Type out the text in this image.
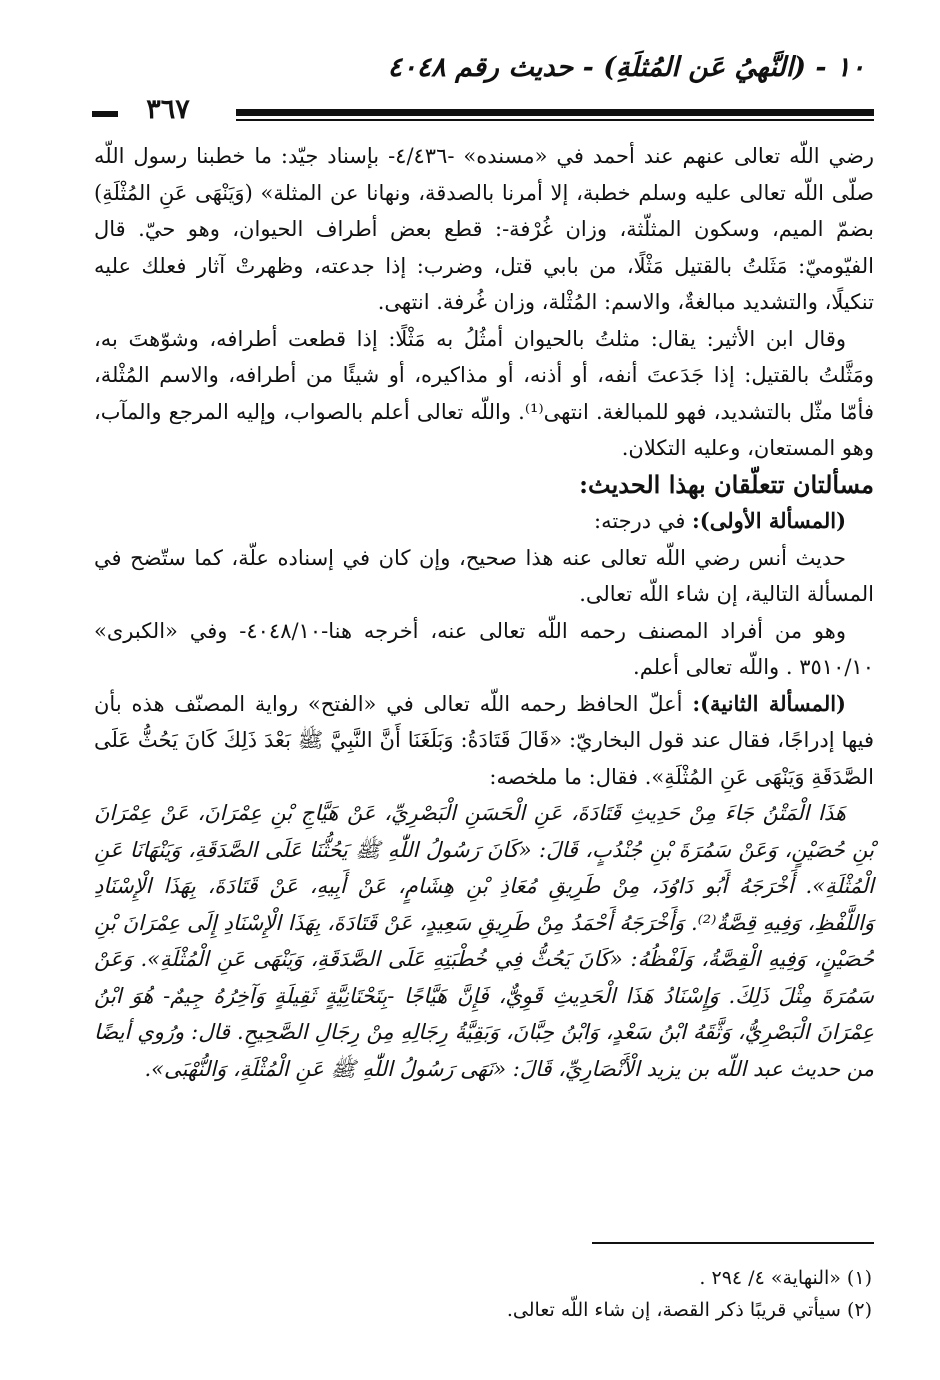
١٠ - (النَّهيُ عَن المُثلَةِ) - حديث رقم ٤٠٤٨
٣٦٧

رضي اللّه تعالى عنهم عند أحمد في «مسنده» -٤/٤٣٦- بإسناد جيّد: ما خطبنا رسول اللّه صلّى اللّه تعالى عليه وسلم خطبة، إلا أمرنا بالصدقة، ونهانا عن المثلة» (وَيَنْهَى عَنِ المُثْلَةِ) بضمّ الميم، وسكون المثلّثة، وزان غُرْفة-: قطع بعض أطراف الحيوان، وهو حيّ. قال الفيّوميّ: مَثَلتُ بالقتيل مَثْلًا، من بابي قتل، وضرب: إذا جدعته، وظهرتْ آثار فعلك عليه تنكيلًا، والتشديد مبالغةٌ، والاسم: المُثْلة، وزان غُرفة. انتهى.

وقال ابن الأثير: يقال: مثلتُ بالحيوان أمثُلُ به مَثْلًا: إذا قطعت أطرافه، وشوّهتَ به، ومَثَّلتُ بالقتيل: إذا جَدَعتَ أنفه، أو أذنه، أو مذاكيره، أو شيئًا من أطرافه، والاسم المُثْلة، فأمّا مثّل بالتشديد، فهو للمبالغة. انتهى⁽¹⁾. واللّه تعالى أعلم بالصواب، وإليه المرجع والمآب، وهو المستعان، وعليه التكلان.

مسألتان تتعلّقان بهذا الحديث:

(المسألة الأولى): في درجته:

حديث أنس رضي اللّه تعالى عنه هذا صحيح، وإن كان في إسناده علّة، كما ستّضح في المسألة التالية، إن شاء اللّه تعالى.

وهو من أفراد المصنف رحمه اللّه تعالى عنه، أخرجه هنا-٤٠٤٨/١٠- وفي «الكبرى» ٣٥١٠/١٠ . واللّه تعالى أعلم.

(المسألة الثانية): أعلّ الحافظ رحمه اللّه تعالى في «الفتح» رواية المصنّف هذه بأن فيها إدراجًا، فقال عند قول البخاريّ: «قَالَ قَتَادَةُ: وَبَلَغَنَا أَنَّ النَّبِيَّ ﷺ بَعْدَ ذَلِكَ كَانَ يَحُثُّ عَلَى الصَّدَقَةِ وَيَنْهَى عَنِ المُثْلَةِ». فقال: ما ملخصه:

هَذَا الْمَتْنُ جَاءَ مِنْ حَدِيثِ قَتَادَةَ، عَنِ الْحَسَنِ الْبَصْرِيِّ، عَنْ هَيَّاجِ بْنِ عِمْرَانَ، عَنْ عِمْرَانَ بْنِ حُصَيْنٍ، وَعَنْ سَمُرَةَ بْنِ جُنْدُبٍ، قَالَ: «كَانَ رَسُولُ اللّٰهِ ﷺ يَحُثُّنَا عَلَى الصَّدَقَةِ، وَيَنْهَانَا عَنِ الْمُثْلَةِ». أَخْرَجَهُ أَبُو دَاوُدَ، مِنْ طَرِيقِ مُعَاذِ بْنِ هِشَامٍ، عَنْ أَبِيهِ، عَنْ قَتَادَةَ، بِهَذَا الْإِسْنَادِ وَاللَّفْظِ، وَفِيهِ قِصَّةٌ⁽²⁾. وَأَخْرَجَهُ أَحْمَدُ مِنْ طَرِيقِ سَعِيدٍ، عَنْ قَتَادَةَ، بِهَذَا الْإِسْنَادِ إِلَى عِمْرَانَ بْنِ حُصَيْنٍ، وَفِيهِ الْقِصَّةُ، وَلَفْظُهُ: «كَانَ يَحُثُّ فِي خُطْبَتِهِ عَلَى الصَّدَقَةِ، وَيَنْهَى عَنِ الْمُثْلَةِ». وَعَنْ سَمُرَةَ مِثْلَ ذَلِكَ. وَإِسْنَادُ هَذَا الْحَدِيثِ قَوِيٌّ، فَإِنَّ هَيَّاجًا -بِتَحْتَانِيَّةٍ ثَقِيلَةٍ وَآخِرُهُ جِيمٌ- هُوَ ابْنُ عِمْرَانَ الْبَصْرِيُّ، وَثَّقَهُ ابْنُ سَعْدٍ، وَابْنُ حِبَّانَ، وَبَقِيَّةُ رِجَالِهِ مِنْ رِجَالِ الصَّحِيحِ. قال: ورُوي أيضًا من حديث عبد اللّه بن يزيد الْأَنْصَارِيِّ، قَالَ: «نَهَى رَسُولُ اللّٰهِ ﷺ عَنِ الْمُثْلَةِ، وَالنُّهْبَى».

(١) «النهاية» ٤/ ٢٩٤ .
(٢) سيأتي قريبًا ذكر القصة، إن شاء اللّه تعالى.
